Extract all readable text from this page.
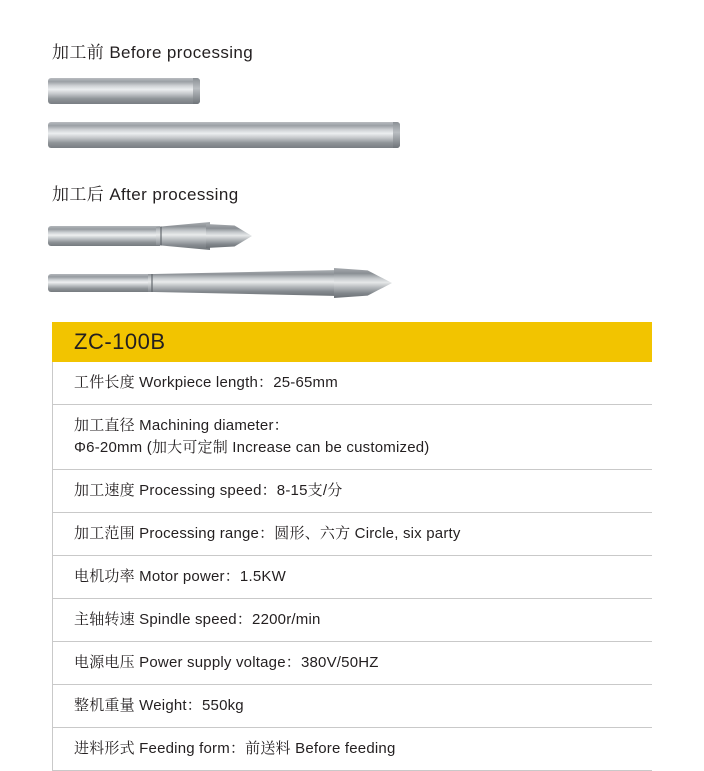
加工前 Before processing
加工后 After processing
ZC-100B
工件长度 Workpiece length：25-65mm
加工直径 Machining diameter：
Φ6-20mm (加大可定制 Increase can be customized)
加工速度 Processing speed：8-15支/分
加工范围 Processing range：圆形、六方 Circle, six party
电机功率 Motor power：1.5KW
主轴转速 Spindle speed：2200r/min
电源电压 Power supply voltage：380V/50HZ
整机重量 Weight：550kg
进料形式 Feeding form：前送料 Before feeding
